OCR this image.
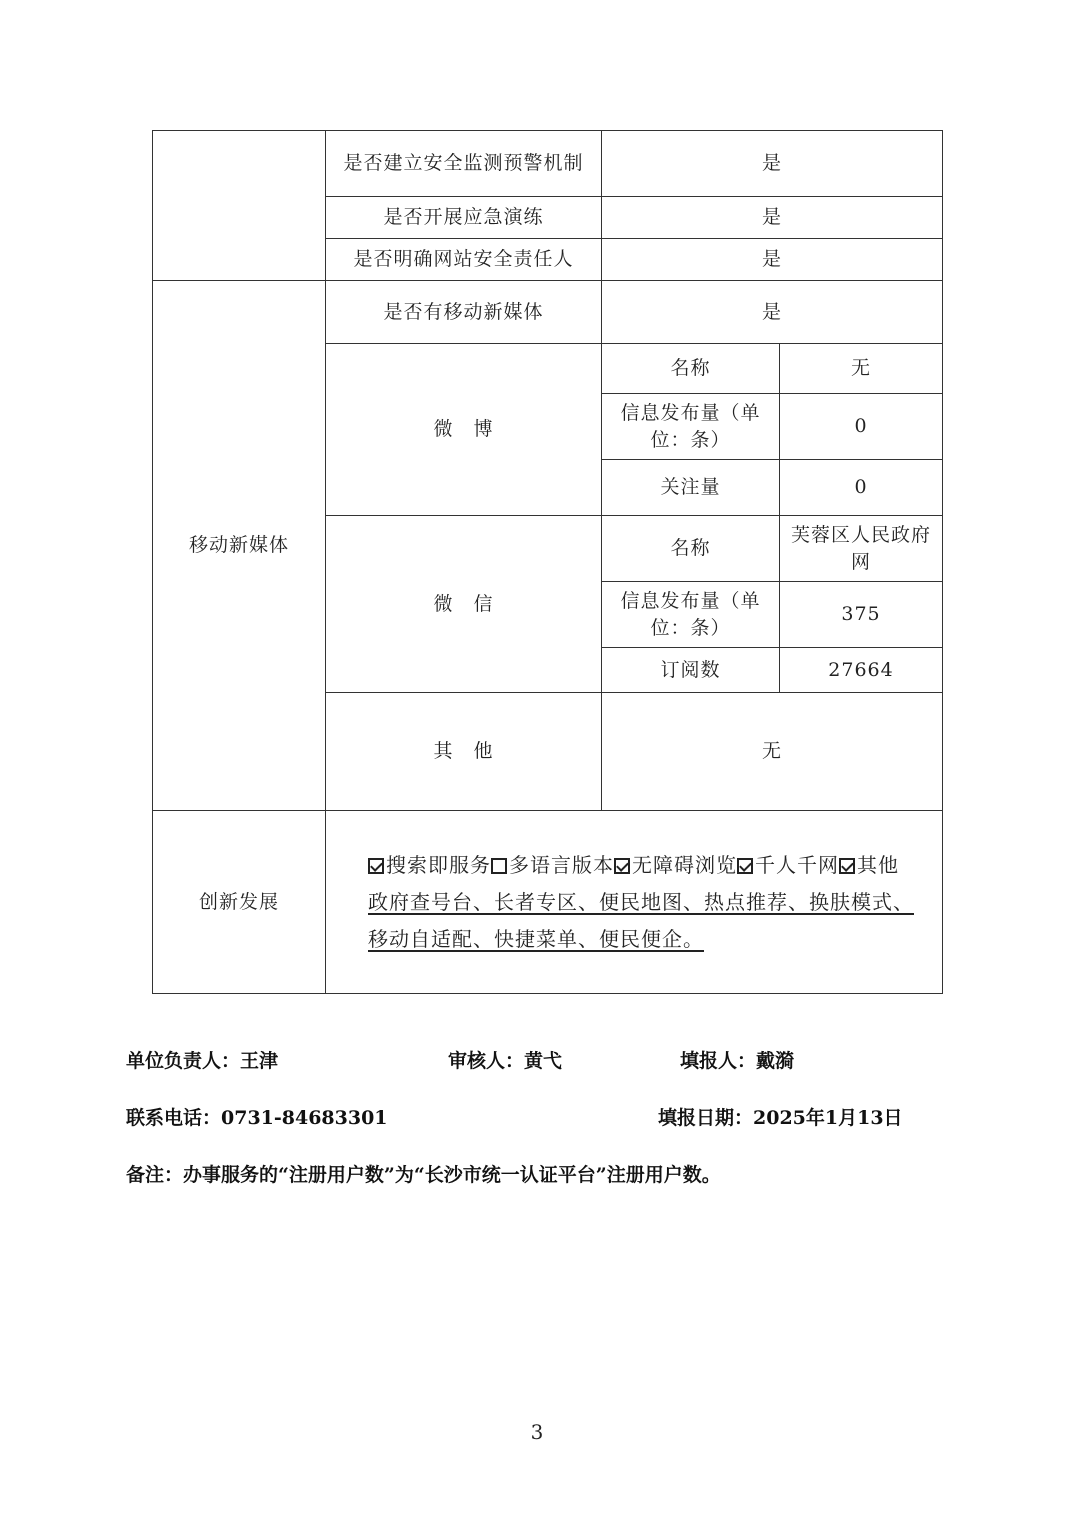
	是否建立安全监测预警机制	是	
	是否开展应急演练	是	
	是否明确网站安全责任人	是	
移动新媒体	是否有移动新媒体	是	
	微　博	名称	无
		信息发布量（单位：条）	0
		关注量	0
	微　信	名称	芙蓉区人民政府网
		信息发布量（单位：条）	375
		订阅数	27664
	其　他	无	
创新发展	搜索即服务 多语言版本 无障碍浏览 千人千网 其他
政府查号台、长者专区、便民地图、热点推荐、换肤模式、移动自适配、快捷菜单、便民便企。		
单位负责人：王津	审核人：黄弋	填报人：戴漪
联系电话：0731-84683301	填报日期：2025年1月13日
备注：办事服务的“注册用户数”为“长沙市统一认证平台”注册用户数。
3
